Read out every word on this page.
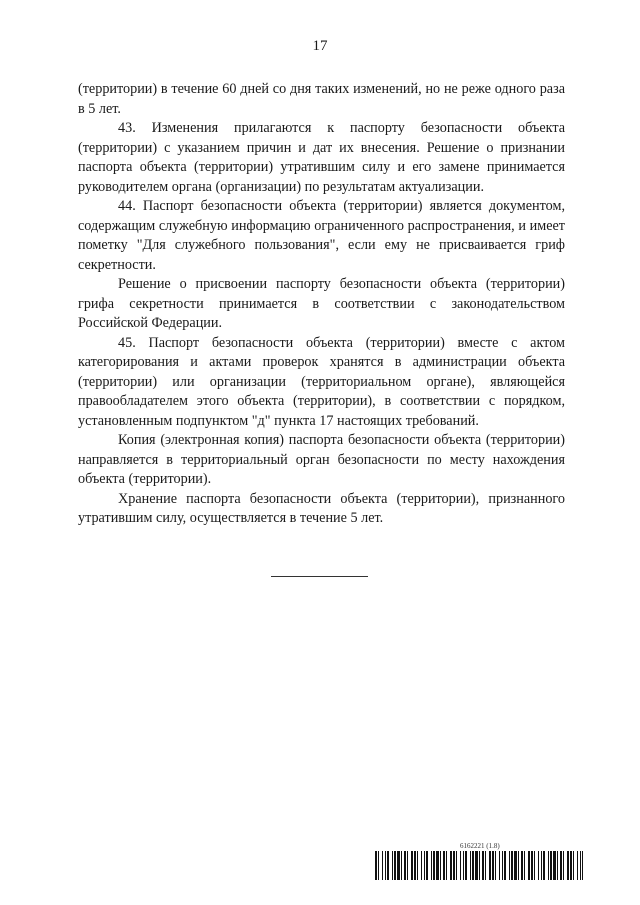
17

(территории) в течение 60 дней со дня таких изменений, но не реже одного раза в 5 лет.

43. Изменения прилагаются к паспорту безопасности объекта (территории) с указанием причин и дат их внесения. Решение о признании паспорта объекта (территории) утратившим силу и его замене принимается руководителем органа (организации) по результатам актуализации.

44. Паспорт безопасности объекта (территории) является документом, содержащим служебную информацию ограниченного распространения, и имеет пометку "Для служебного пользования", если ему не присваивается гриф секретности.

Решение о присвоении паспорту безопасности объекта (территории) грифа секретности принимается в соответствии с законодательством Российской Федерации.

45. Паспорт безопасности объекта (территории) вместе с актом категорирования и актами проверок хранятся в администрации объекта (территории) или организации (территориальном органе), являющейся правообладателем этого объекта (территории), в соответствии с порядком, установленным подпунктом "д" пункта 17 настоящих требований.

Копия (электронная копия) паспорта безопасности объекта (территории) направляется в территориальный орган безопасности по месту нахождения объекта (территории).

Хранение паспорта безопасности объекта (территории), признанного утратившим силу, осуществляется в течение 5 лет.

6162221 (1.8)
